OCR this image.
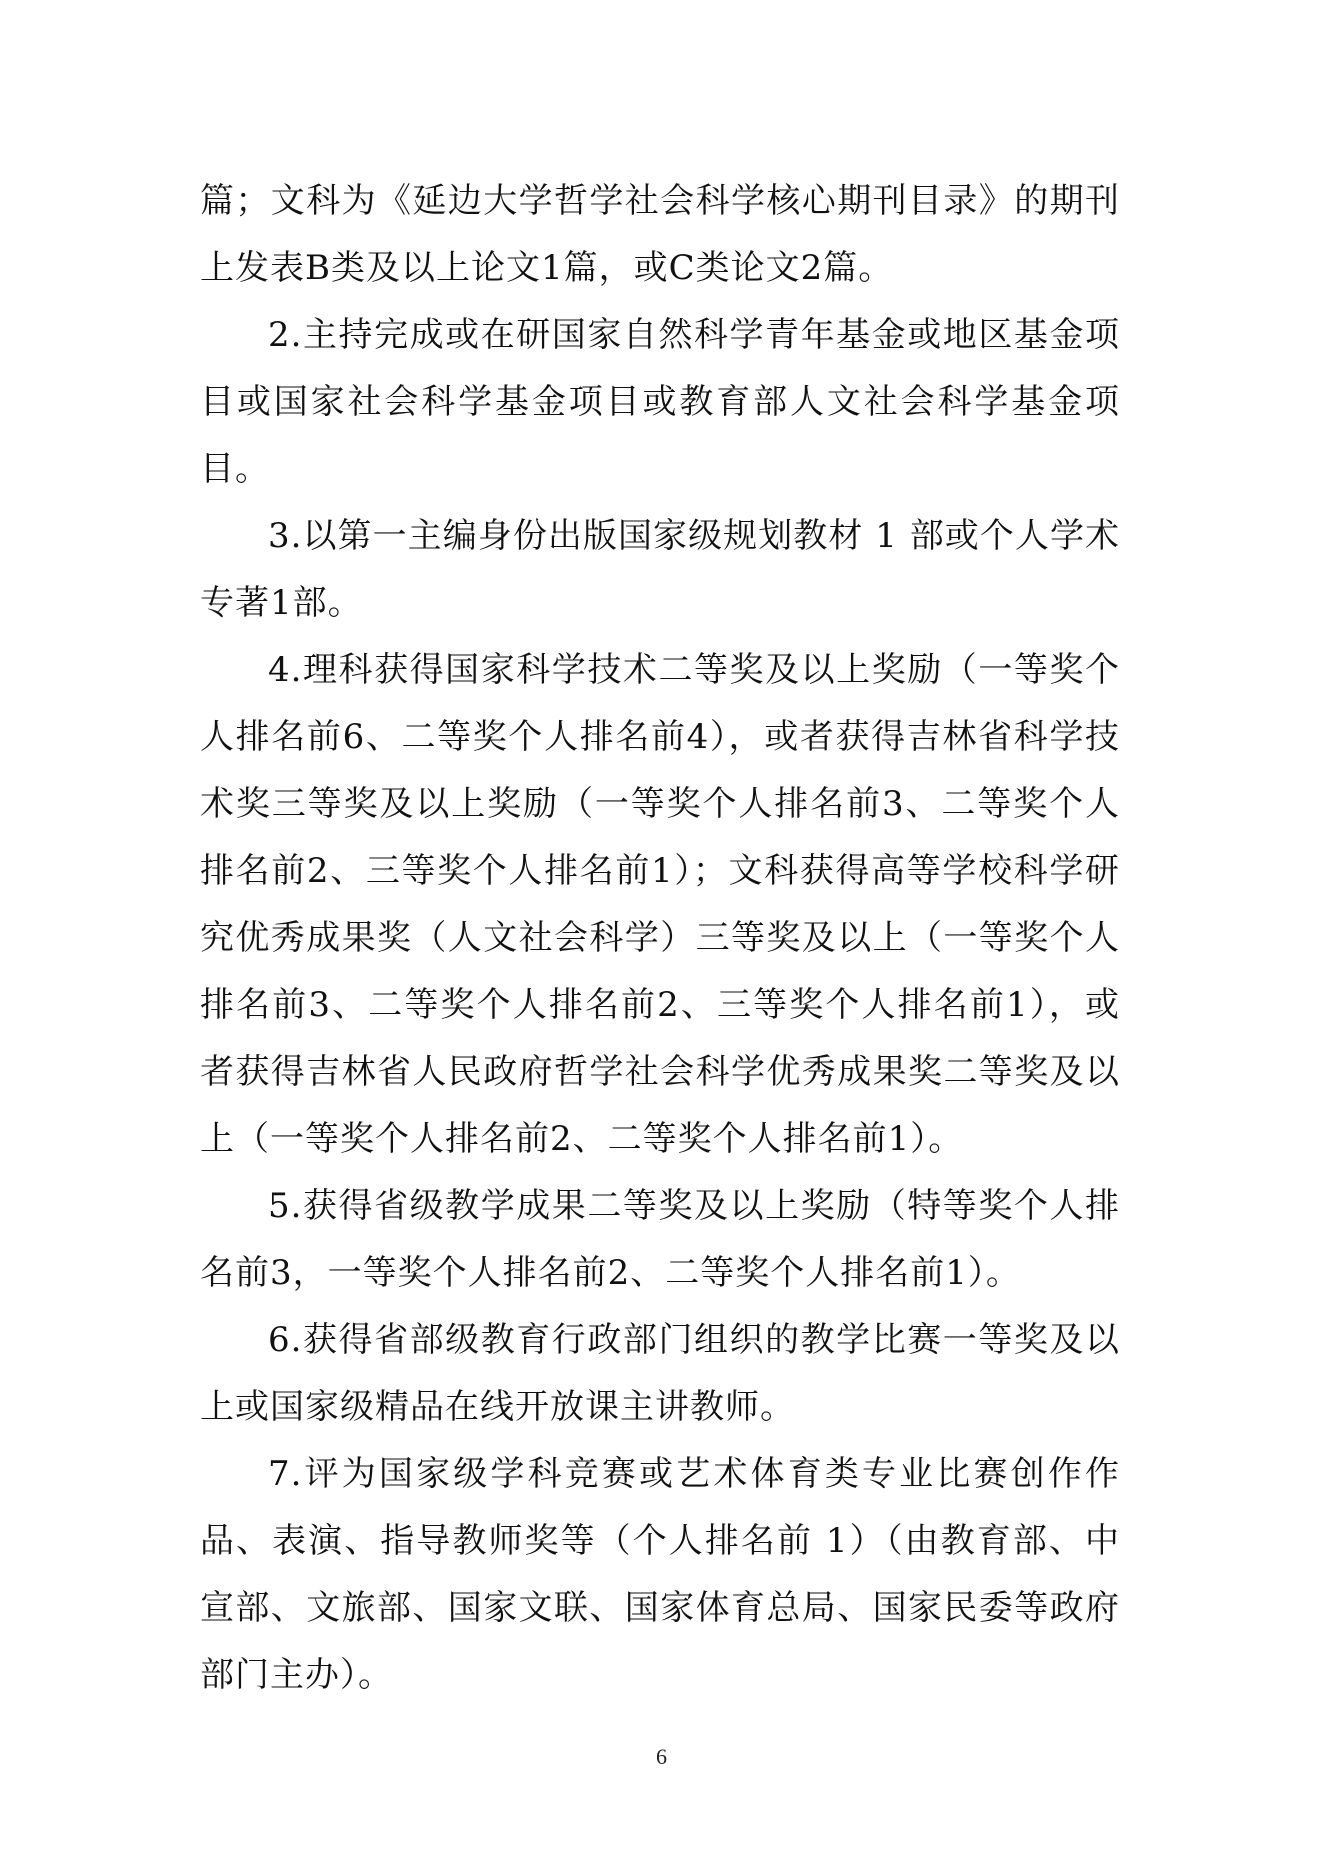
篇；文科为《延边大学哲学社会科学核心期刊目录》的期刊上发表B类及以上论文1篇，或C类论文2篇。

2.主持完成或在研国家自然科学青年基金或地区基金项目或国家社会科学基金项目或教育部人文社会科学基金项目。

3.以第一主编身份出版国家级规划教材 1 部或个人学术专著1部。

4.理科获得国家科学技术二等奖及以上奖励（一等奖个人排名前6、二等奖个人排名前4），或者获得吉林省科学技术奖三等奖及以上奖励（一等奖个人排名前3、二等奖个人排名前2、三等奖个人排名前1）；文科获得高等学校科学研究优秀成果奖（人文社会科学）三等奖及以上（一等奖个人排名前3、二等奖个人排名前2、三等奖个人排名前1），或者获得吉林省人民政府哲学社会科学优秀成果奖二等奖及以上（一等奖个人排名前2、二等奖个人排名前1）。

5.获得省级教学成果二等奖及以上奖励（特等奖个人排名前3，一等奖个人排名前2、二等奖个人排名前1）。

6.获得省部级教育行政部门组织的教学比赛一等奖及以上或国家级精品在线开放课主讲教师。

7.评为国家级学科竞赛或艺术体育类专业比赛创作作品、表演、指导教师奖等（个人排名前 1）（由教育部、中宣部、文旅部、国家文联、国家体育总局、国家民委等政府部门主办）。

6
